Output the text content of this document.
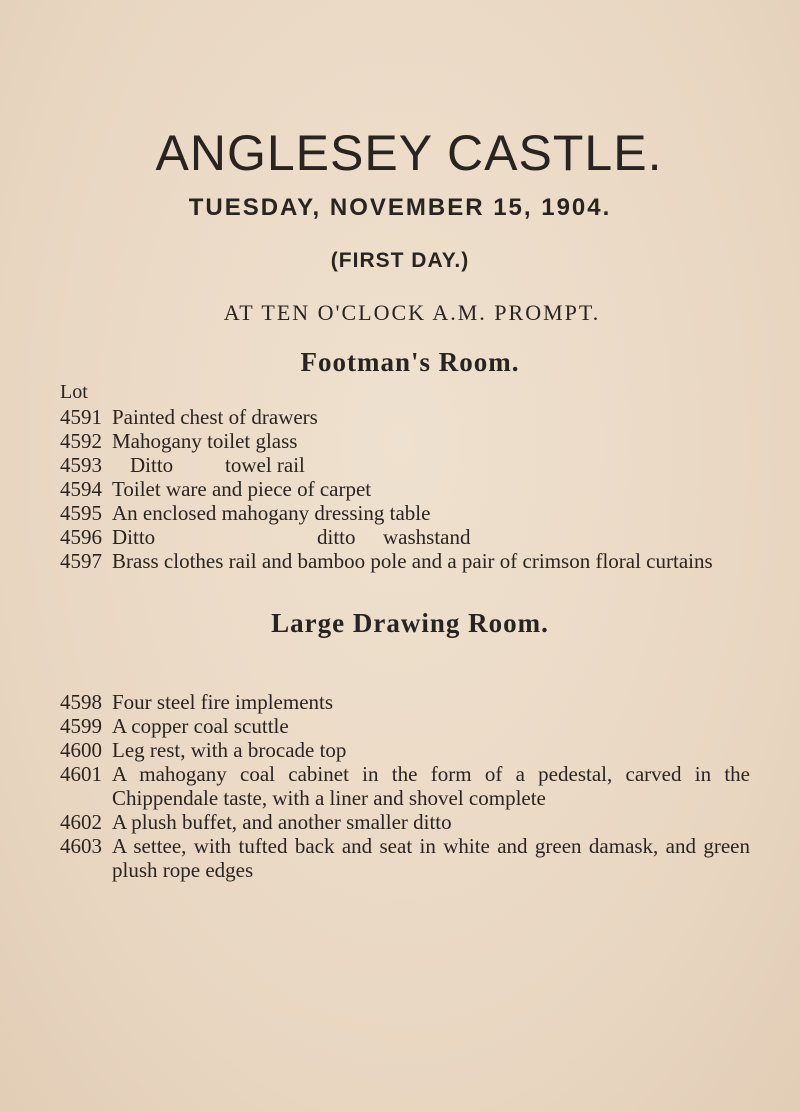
ANGLESEY CASTLE.
TUESDAY, NOVEMBER 15, 1904.
(FIRST DAY.)
AT TEN O'CLOCK A.M. PROMPT.
Footman's Room.
Lot
4591 Painted chest of drawers
4592 Mahogany toilet glass
4593	Ditto towel rail
4594 Toilet ware and piece of carpet
4595 An enclosed mahogany dressing table
4596 Ditto	ditto washstand
4597 Brass clothes rail and bamboo pole and a pair of crimson floral curtains
Large Drawing Room.
4598 Four steel fire implements
4599 A copper coal scuttle
4600 Leg rest, with a brocade top
4601 A mahogany coal cabinet in the form of a pedestal, carved in the Chippendale taste, with a liner and shovel complete
4602 A plush buffet, and another smaller ditto
4603 A settee, with tufted back and seat in white and green damask, and green plush rope edges
